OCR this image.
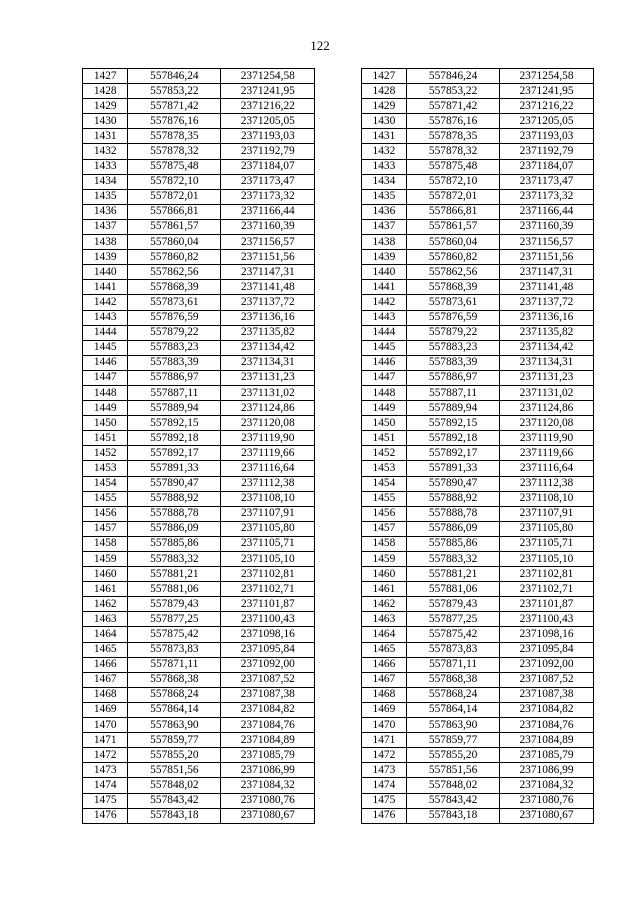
122
1427	557846,24	2371254,58		1427	557846,24	2371254,58
1428	557853,22	2371241,95		1428	557853,22	2371241,95
1429	557871,42	2371216,22		1429	557871,42	2371216,22
1430	557876,16	2371205,05		1430	557876,16	2371205,05
1431	557878,35	2371193,03		1431	557878,35	2371193,03
1432	557878,32	2371192,79		1432	557878,32	2371192,79
1433	557875,48	2371184,07		1433	557875,48	2371184,07
1434	557872,10	2371173,47		1434	557872,10	2371173,47
1435	557872,01	2371173,32		1435	557872,01	2371173,32
1436	557866,81	2371166,44		1436	557866,81	2371166,44
1437	557861,57	2371160,39		1437	557861,57	2371160,39
1438	557860,04	2371156,57		1438	557860,04	2371156,57
1439	557860,82	2371151,56		1439	557860,82	2371151,56
1440	557862,56	2371147,31		1440	557862,56	2371147,31
1441	557868,39	2371141,48		1441	557868,39	2371141,48
1442	557873,61	2371137,72		1442	557873,61	2371137,72
1443	557876,59	2371136,16		1443	557876,59	2371136,16
1444	557879,22	2371135,82		1444	557879,22	2371135,82
1445	557883,23	2371134,42		1445	557883,23	2371134,42
1446	557883,39	2371134,31		1446	557883,39	2371134,31
1447	557886,97	2371131,23		1447	557886,97	2371131,23
1448	557887,11	2371131,02		1448	557887,11	2371131,02
1449	557889,94	2371124,86		1449	557889,94	2371124,86
1450	557892,15	2371120,08		1450	557892,15	2371120,08
1451	557892,18	2371119,90		1451	557892,18	2371119,90
1452	557892,17	2371119,66		1452	557892,17	2371119,66
1453	557891,33	2371116,64		1453	557891,33	2371116,64
1454	557890,47	2371112,38		1454	557890,47	2371112,38
1455	557888,92	2371108,10		1455	557888,92	2371108,10
1456	557888,78	2371107,91		1456	557888,78	2371107,91
1457	557886,09	2371105,80		1457	557886,09	2371105,80
1458	557885,86	2371105,71		1458	557885,86	2371105,71
1459	557883,32	2371105,10		1459	557883,32	2371105,10
1460	557881,21	2371102,81		1460	557881,21	2371102,81
1461	557881,06	2371102,71		1461	557881,06	2371102,71
1462	557879,43	2371101,87		1462	557879,43	2371101,87
1463	557877,25	2371100,43		1463	557877,25	2371100,43
1464	557875,42	2371098,16		1464	557875,42	2371098,16
1465	557873,83	2371095,84		1465	557873,83	2371095,84
1466	557871,11	2371092,00		1466	557871,11	2371092,00
1467	557868,38	2371087,52		1467	557868,38	2371087,52
1468	557868,24	2371087,38		1468	557868,24	2371087,38
1469	557864,14	2371084,82		1469	557864,14	2371084,82
1470	557863,90	2371084,76		1470	557863,90	2371084,76
1471	557859,77	2371084,89		1471	557859,77	2371084,89
1472	557855,20	2371085,79		1472	557855,20	2371085,79
1473	557851,56	2371086,99		1473	557851,56	2371086,99
1474	557848,02	2371084,32		1474	557848,02	2371084,32
1475	557843,42	2371080,76		1475	557843,42	2371080,76
1476	557843,18	2371080,67		1476	557843,18	2371080,67
